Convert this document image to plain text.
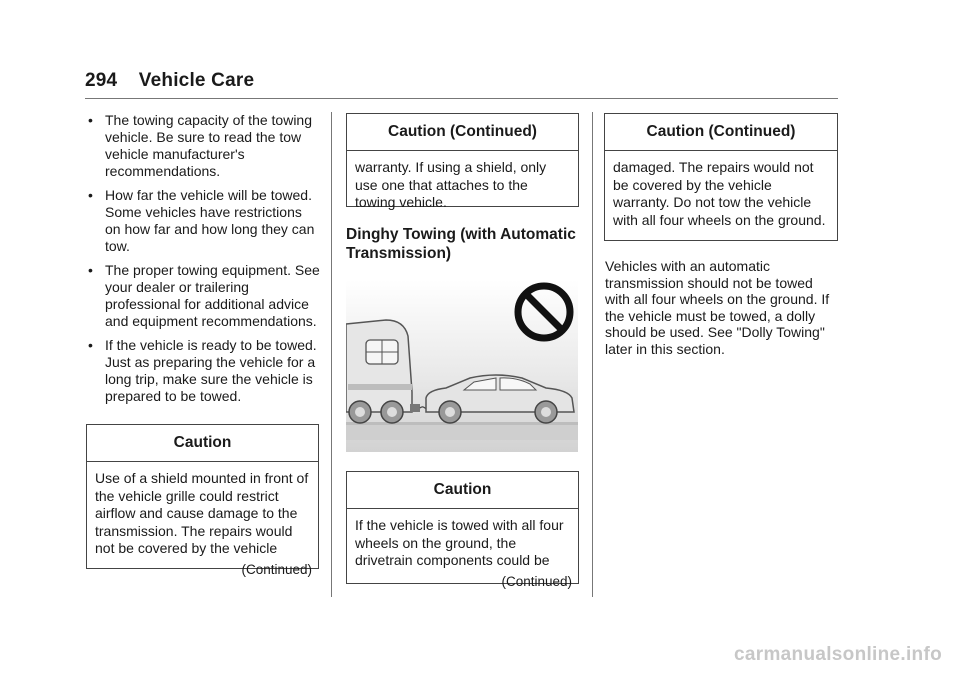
294 Vehicle Care
• The towing capacity of the towing vehicle. Be sure to read the tow vehicle manufacturer's recommendations.
• How far the vehicle will be towed. Some vehicles have restrictions on how far and how long they can tow.
• The proper towing equipment. See your dealer or trailering professional for additional advice and equipment recommendations.
• If the vehicle is ready to be towed. Just as preparing the vehicle for a long trip, make sure the vehicle is prepared to be towed.
Caution
Use of a shield mounted in front of the vehicle grille could restrict airflow and cause damage to the transmission. The repairs would not be covered by the vehicle
(Continued)
Caution (Continued)
warranty. If using a shield, only use one that attaches to the towing vehicle.
Dinghy Towing (with Automatic Transmission)
Caution
If the vehicle is towed with all four wheels on the ground, the drivetrain components could be
(Continued)
Caution (Continued)
damaged. The repairs would not be covered by the vehicle warranty. Do not tow the vehicle with all four wheels on the ground.
Vehicles with an automatic transmission should not be towed with all four wheels on the ground. If the vehicle must be towed, a dolly should be used. See "Dolly Towing" later in this section.
carmanualsonline.info
